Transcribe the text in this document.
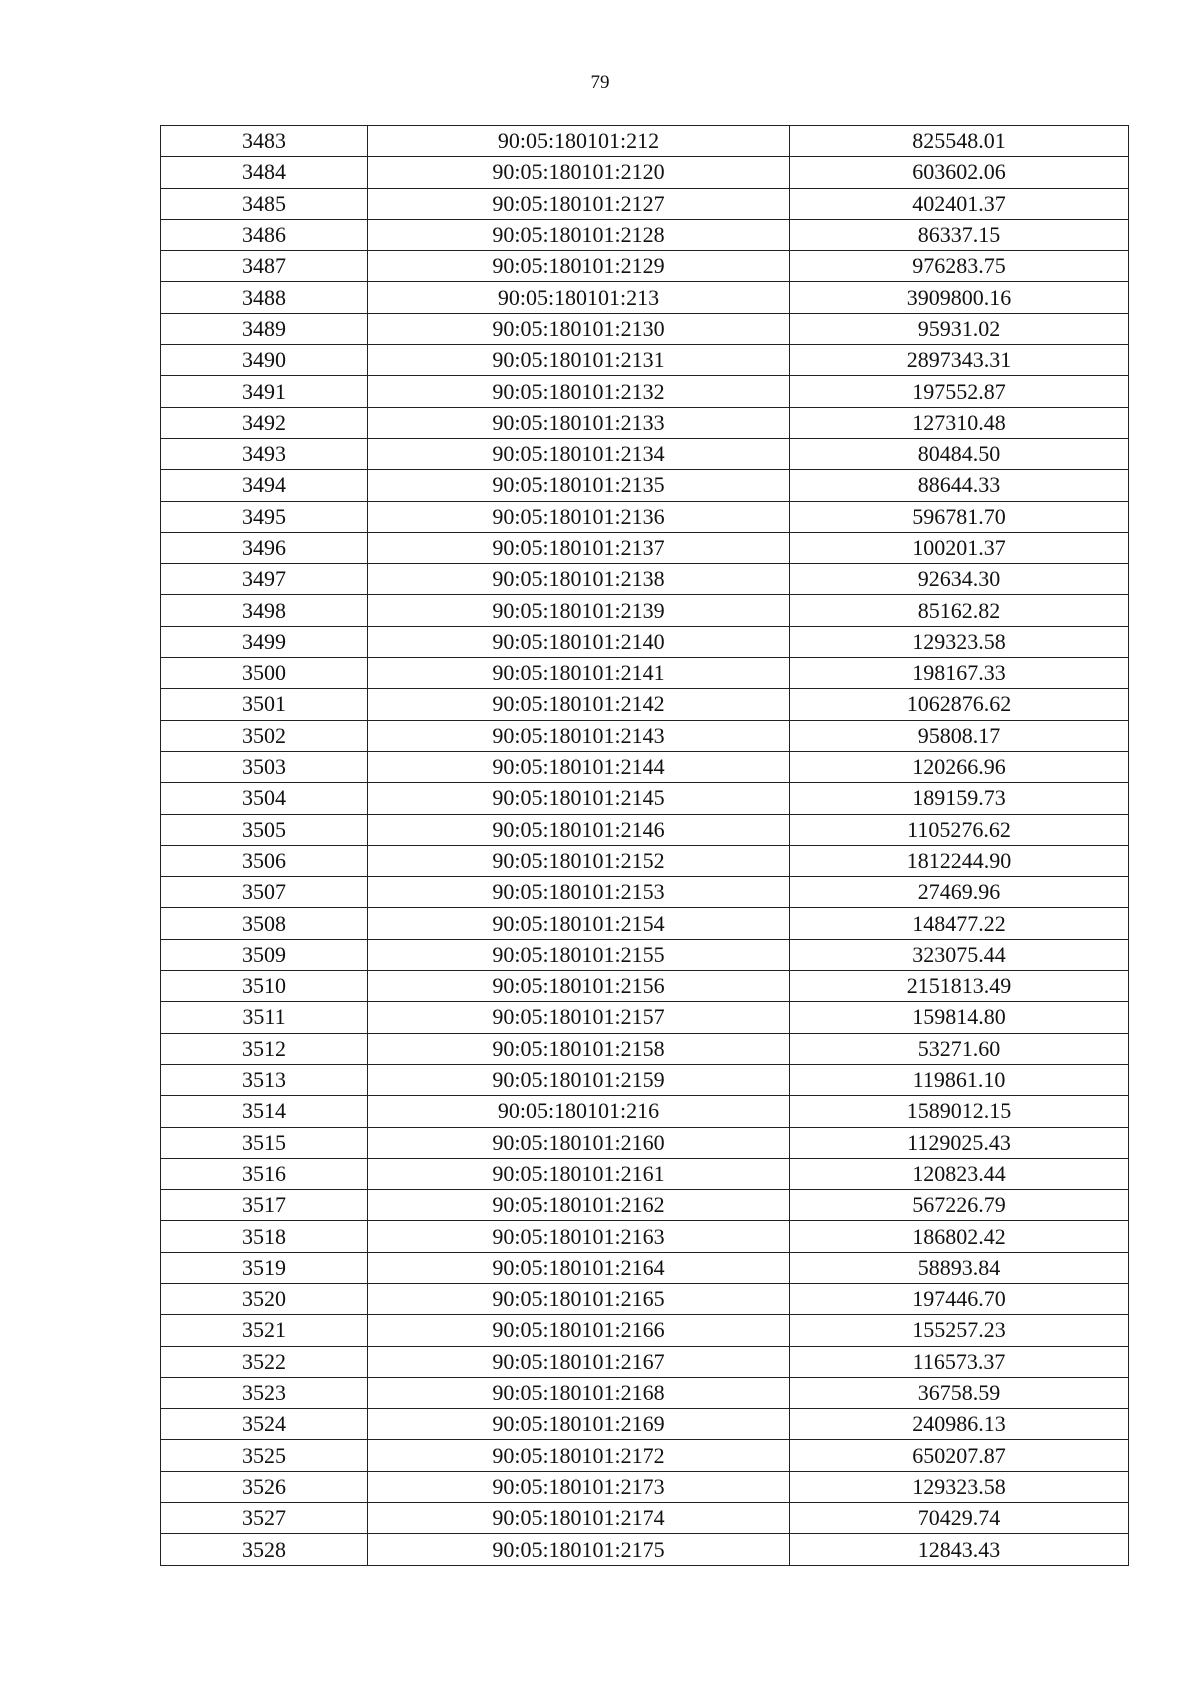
79
3483	90:05:180101:212	825548.01
3484	90:05:180101:2120	603602.06
3485	90:05:180101:2127	402401.37
3486	90:05:180101:2128	86337.15
3487	90:05:180101:2129	976283.75
3488	90:05:180101:213	3909800.16
3489	90:05:180101:2130	95931.02
3490	90:05:180101:2131	2897343.31
3491	90:05:180101:2132	197552.87
3492	90:05:180101:2133	127310.48
3493	90:05:180101:2134	80484.50
3494	90:05:180101:2135	88644.33
3495	90:05:180101:2136	596781.70
3496	90:05:180101:2137	100201.37
3497	90:05:180101:2138	92634.30
3498	90:05:180101:2139	85162.82
3499	90:05:180101:2140	129323.58
3500	90:05:180101:2141	198167.33
3501	90:05:180101:2142	1062876.62
3502	90:05:180101:2143	95808.17
3503	90:05:180101:2144	120266.96
3504	90:05:180101:2145	189159.73
3505	90:05:180101:2146	1105276.62
3506	90:05:180101:2152	1812244.90
3507	90:05:180101:2153	27469.96
3508	90:05:180101:2154	148477.22
3509	90:05:180101:2155	323075.44
3510	90:05:180101:2156	2151813.49
3511	90:05:180101:2157	159814.80
3512	90:05:180101:2158	53271.60
3513	90:05:180101:2159	119861.10
3514	90:05:180101:216	1589012.15
3515	90:05:180101:2160	1129025.43
3516	90:05:180101:2161	120823.44
3517	90:05:180101:2162	567226.79
3518	90:05:180101:2163	186802.42
3519	90:05:180101:2164	58893.84
3520	90:05:180101:2165	197446.70
3521	90:05:180101:2166	155257.23
3522	90:05:180101:2167	116573.37
3523	90:05:180101:2168	36758.59
3524	90:05:180101:2169	240986.13
3525	90:05:180101:2172	650207.87
3526	90:05:180101:2173	129323.58
3527	90:05:180101:2174	70429.74
3528	90:05:180101:2175	12843.43
